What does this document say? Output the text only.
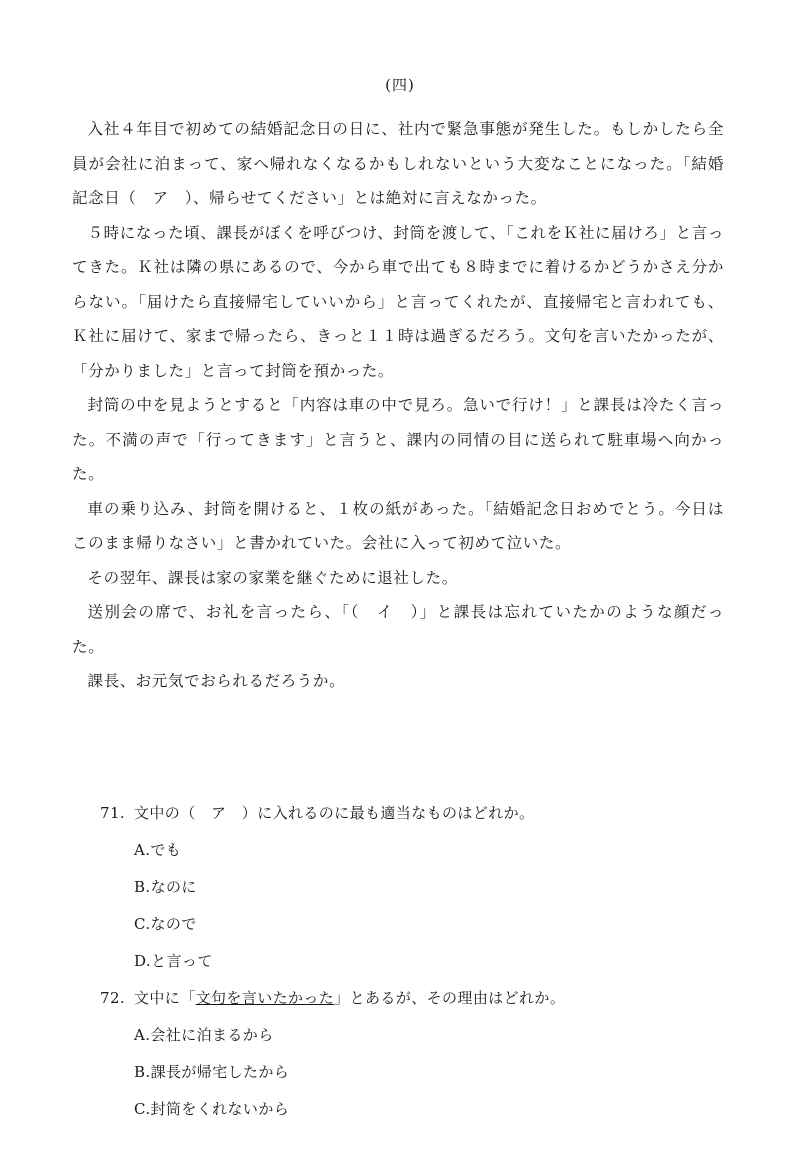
(四)

入社４年目で初めての結婚記念日の日に、社内で緊急事態が発生した。もしかしたら全員が会社に泊まって、家へ帰れなくなるかもしれないという大変なことになった。「結婚記念日（　ア　）、帰らせてください」とは絶対に言えなかった。

５時になった頃、課長がぼくを呼びつけ、封筒を渡して、「これをＫ社に届けろ」と言ってきた。Ｋ社は隣の県にあるので、今から車で出ても８時までに着けるかどうかさえ分からない。「届けたら直接帰宅していいから」と言ってくれたが、直接帰宅と言われても、Ｋ社に届けて、家まで帰ったら、きっと１１時は過ぎるだろう。文句を言いたかったが、「分かりました」と言って封筒を預かった。

封筒の中を見ようとすると「内容は車の中で見ろ。急いで行け！」と課長は冷たく言った。不満の声で「行ってきます」と言うと、課内の同情の目に送られて駐車場へ向かった。

車の乗り込み、封筒を開けると、１枚の紙があった。「結婚記念日おめでとう。今日はこのまま帰りなさい」と書かれていた。会社に入って初めて泣いた。

その翌年、課長は家の家業を継ぐために退社した。

送別会の席で、お礼を言ったら、「（　イ　）」と課長は忘れていたかのような顔だった。

課長、お元気でおられるだろうか。

71. 文中の（　ア　）に入れるのに最も適当なものはどれか。
A.でも
B.なのに
C.なので
D.と言って
72. 文中に「文句を言いたかった」とあるが、その理由はどれか。
A.会社に泊まるから
B.課長が帰宅したから
C.封筒をくれないから
